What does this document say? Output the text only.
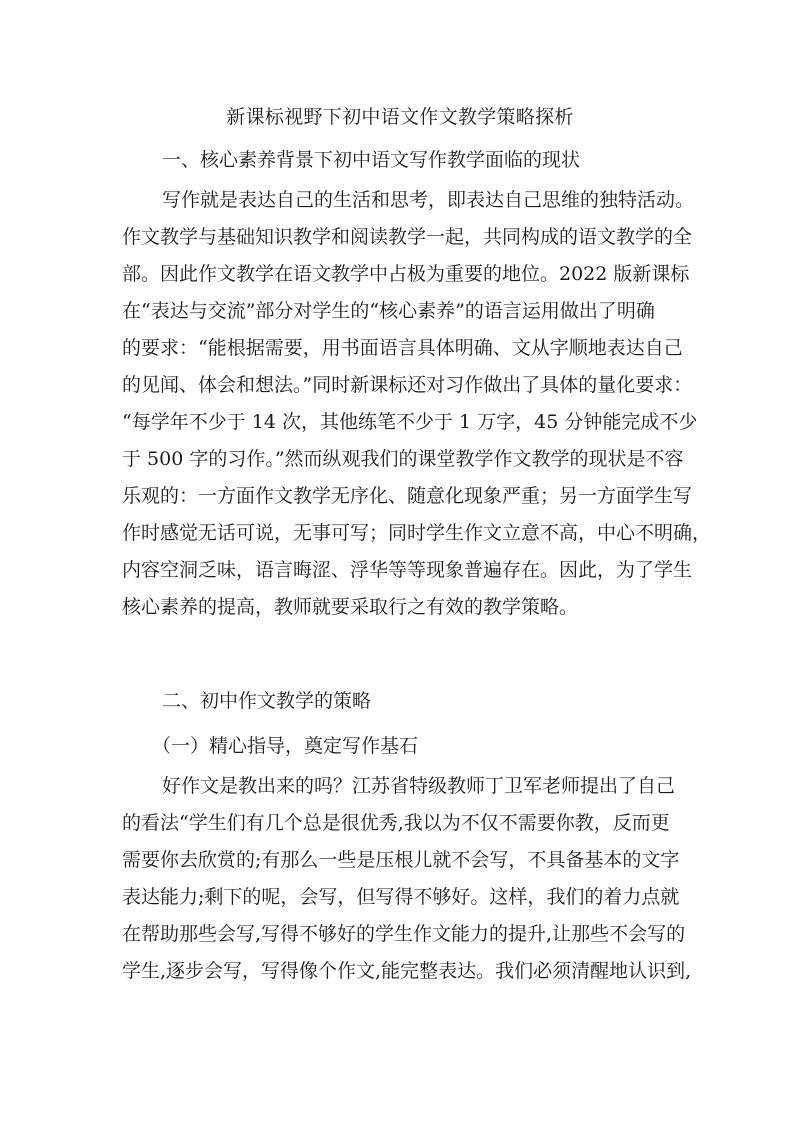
新课标视野下初中语文作文教学策略探析
一、核心素养背景下初中语文写作教学面临的现状
写作就是表达自己的生活和思考，即表达自己思维的独特活动。
作文教学与基础知识教学和阅读教学一起，共同构成的语文教学的全
部。因此作文教学在语文教学中占极为重要的地位。2022 版新课标
在“表达与交流”部分对学生的“核心素养”的语言运用做出了明确
的要求：“能根据需要，用书面语言具体明确、文从字顺地表达自己
的见闻、体会和想法。”同时新课标还对习作做出了具体的量化要求：
“每学年不少于 14 次，其他练笔不少于 1 万字，45 分钟能完成不少
于 500 字的习作。”然而纵观我们的课堂教学作文教学的现状是不容
乐观的：一方面作文教学无序化、随意化现象严重；另一方面学生写
作时感觉无话可说，无事可写；同时学生作文立意不高，中心不明确，
内容空洞乏味，语言晦涩、浮华等等现象普遍存在。因此，为了学生
核心素养的提高，教师就要采取行之有效的教学策略。
二、初中作文教学的策略
（一）精心指导，奠定写作基石
好作文是教出来的吗？江苏省特级教师丁卫军老师提出了自己
的看法“学生们有几个总是很优秀,我以为不仅不需要你教，反而更
需要你去欣赏的;有那么一些是压根儿就不会写，不具备基本的文字
表达能力;剩下的呢，会写，但写得不够好。这样，我们的着力点就
在帮助那些会写,写得不够好的学生作文能力的提升,让那些不会写的
学生,逐步会写，写得像个作文,能完整表达。我们必须清醒地认识到,
